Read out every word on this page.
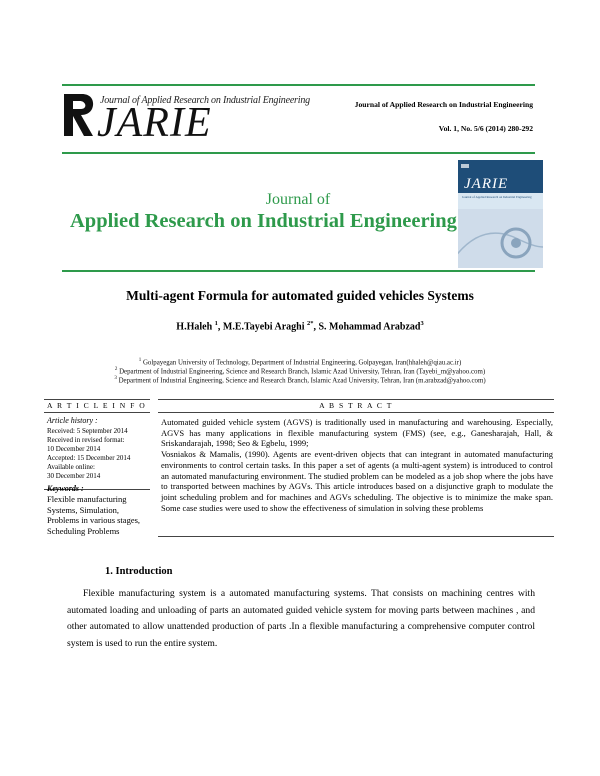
Journal of Applied Research on Industrial Engineering
JARIE	Journal of Applied Research on Industrial Engineering
Vol. 1, No. 5/6 (2014) 280-292
Journal of
Applied Research on Industrial Engineering
JARIE
Journal of Applied Research on Industrial Engineering
Multi-agent Formula for automated guided vehicles Systems
H.Haleh $^1$, M.E.Tayebi Araghi $^{2*}$, S. Mohammad Arabzad$^3$
$^1$ Golpayegan University of Technology, Department of Industrial Engineering, Golpayegan, Iran(hhaleh@qiau.ac.ir)
$^2$ Department of Industrial Engineering, Science and Research Branch, Islamic Azad University, Tehran, Iran (Tayebi_m@yahoo.com)
$^3$ Department of Industrial Engineering, Science and Research Branch, Islamic Azad University, Tehran, Iran (m.arabzad@yahoo.com)
A R T I C L E I N F O
Article history :
Received: 5 September 2014
Received in revised format:
10 December 2014
Accepted: 15 December 2014
Available online:
30 December 2014
Keywords :
Flexible manufacturing Systems, Simulation, Problems in various stages, Scheduling Problems
A B S T R A C T

Automated guided vehicle system (AGVS) is traditionally used in manufacturing and warehousing. Especially, AGVS has many applications in flexible manufacturing system (FMS) (see, e.g., Ganesharajah, Hall, & Sriskandarajah, 1998; Seo & Egbelu, 1999;

Vosniakos & Mamalis, (1990). Agents are event-driven objects that can integrant in automated manufacturing environments to control certain tasks. In this paper a set of agents (a multi-agent system) is introduced to control an automated manufacturing environment. The studied problem can be modeled as a job shop where the jobs have to transported between machines by AGVs. This article introduces based on a disjunctive graph to modulate the joint scheduling problem and for machines and AGVs scheduling. The objective is to minimize the make span. Some case studies were used to show the effectiveness of simulation in solving these problems

1. Introduction
Flexible manufacturing system is a automated manufacturing systems. That consists on machining centres with automated loading and unloading of parts an automated guided vehicle system for moving parts between machines , and other automated to allow unattended production of parts .In a flexible manufacturing a comprehensive computer control system is used to run the entire system.
